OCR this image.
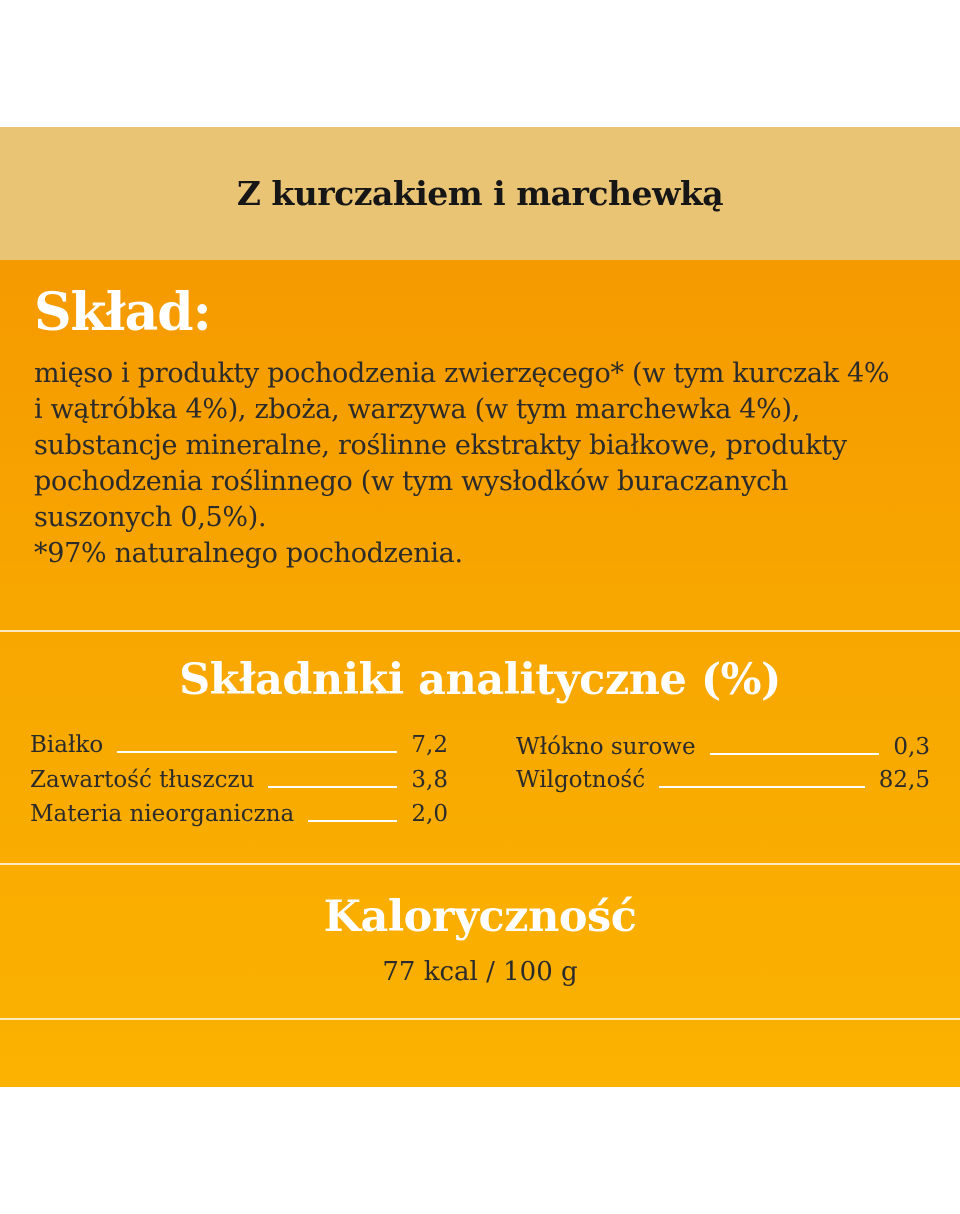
Z kurczakiem i marchewką
Skład:

mięso i produkty pochodzenia zwierzęcego* (w tym kurczak 4%

i wątróbka 4%), zboża, warzywa (w tym marchewka 4%),

substancje mineralne, roślinne ekstrakty białkowe, produkty

pochodzenia roślinnego (w tym wysłodków buraczanych

suszonych 0,5%).

*97% naturalnego pochodzenia.

Składniki analityczne (%)
Białko	7,2
Zawartość tłuszczu	3,8
Materia nieorganiczna	2,0
Włókno surowe	0,3
Wilgotność	82,5
Kaloryczność
77 kcal / 100 g
